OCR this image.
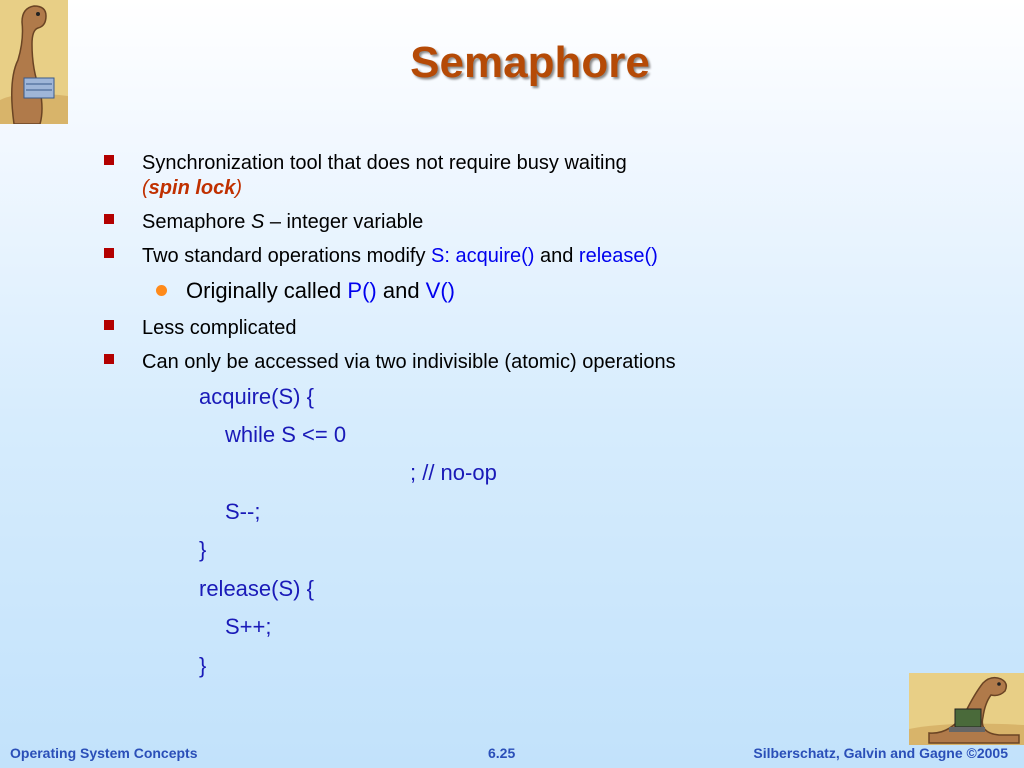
Semaphore
Synchronization tool that does not require busy waiting
(spin lock)
Semaphore S – integer variable
Two standard operations modify S: acquire() and release()
Originally called P() and V()
Less complicated
Can only be accessed via two indivisible (atomic) operations
acquire(S) {
while S <= 0
; // no-op
S--;
}
release(S) {
S++;
}
Operating System Concepts	6.25	Silberschatz, Galvin and Gagne ©2005
